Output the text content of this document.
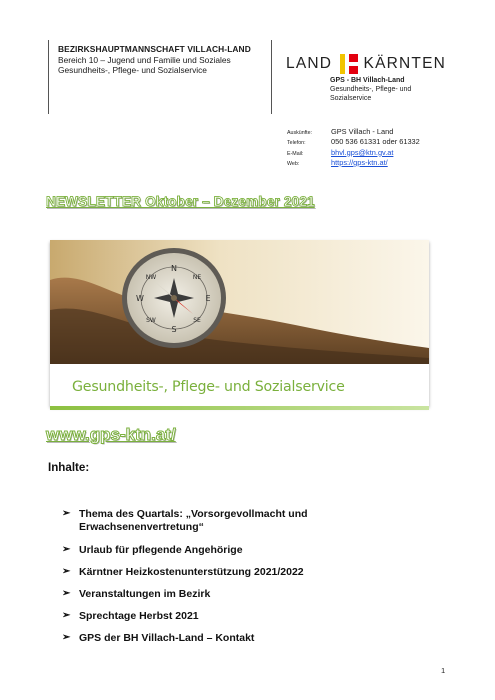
BEZIRKSHAUPTMANNSCHAFT VILLACH-LAND
Bereich 10 – Jugend und Familie und Soziales
Gesundheits-, Pflege- und Sozialservice	LAND KÄRNTEN
GPS - BH Villach-Land
Gesundheits-, Pflege- und Sozialservice
Auskünfte:	GPS Villach - Land
Telefon:	050 536 61331 oder 61332
E-Mail:	bhvl.gps@ktn.gv.at
Web:	https://gps-ktn.at/
NEWSLETTER Oktober – Dezember 2021
N
E
S
W
SW
NE
SE
NW
Gesundheits-, Pflege- und Sozialservice
www.gps-ktn.at/
Inhalte:
➢ Thema des Quartals: „Vorsorgevollmacht und Erwachsenenvertretung“
➢ Urlaub für pflegende Angehörige
➢ Kärntner Heizkostenunterstützung 2021/2022
➢ Veranstaltungen im Bezirk
➢ Sprechtage Herbst 2021
➢ GPS der BH Villach-Land – Kontakt
1
